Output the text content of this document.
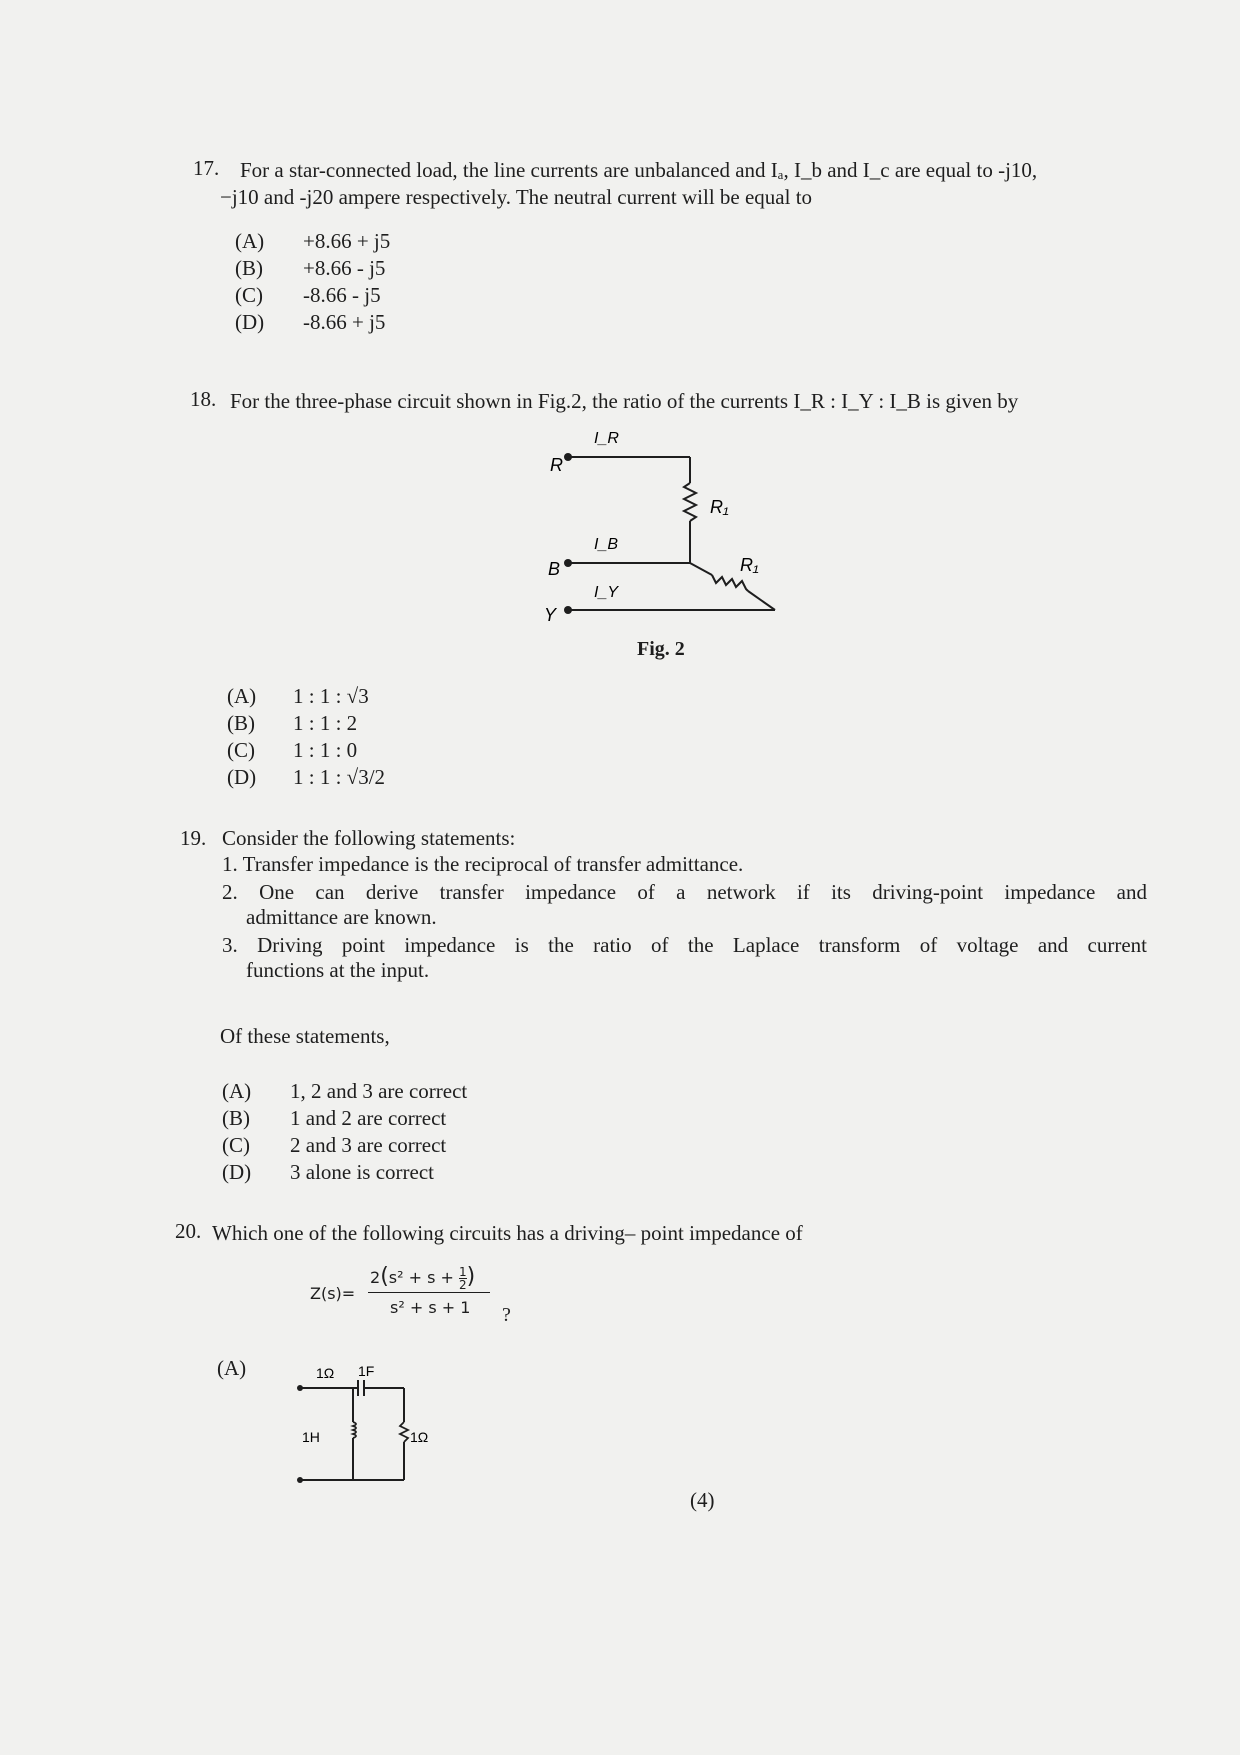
17. For a star-connected load, the line currents are unbalanced and Iₐ, I_b and I_c are equal to -j10,
−j10 and -j20 ampere respectively. The neutral current will be equal to
(A) +8.66 + j5
(B) +8.66 - j5
(C) -8.66 - j5
(D) -8.66 + j5
18. For the three-phase circuit shown in Fig.2, the ratio of the currents I_R : I_Y : I_B is given by
R
B
Y
I_R
I_B
I_Y
R₁
R₁
Fig. 2
(A) 1 : 1 : √3
(B) 1 : 1 : 2
(C) 1 : 1 : 0
(D) 1 : 1 : √3/2
19. Consider the following statements:
1. Transfer impedance is the reciprocal of transfer admittance.
2. One can derive transfer impedance of a network if its driving-point impedance and
admittance are known.
3. Driving point impedance is the ratio of the Laplace transform of voltage and current
functions at the input.
Of these statements,
(A) 1, 2 and 3 are correct
(B) 1 and 2 are correct
(C) 2 and 3 are correct
(D) 3 alone is correct
20. Which one of the following circuits has a driving– point impedance of
Z(s)=
$2(s^2 + s + \frac{1}{2}$ )
s² + s + 1 ?
(A)	1Ω 1F
1H	1Ω
(4)
